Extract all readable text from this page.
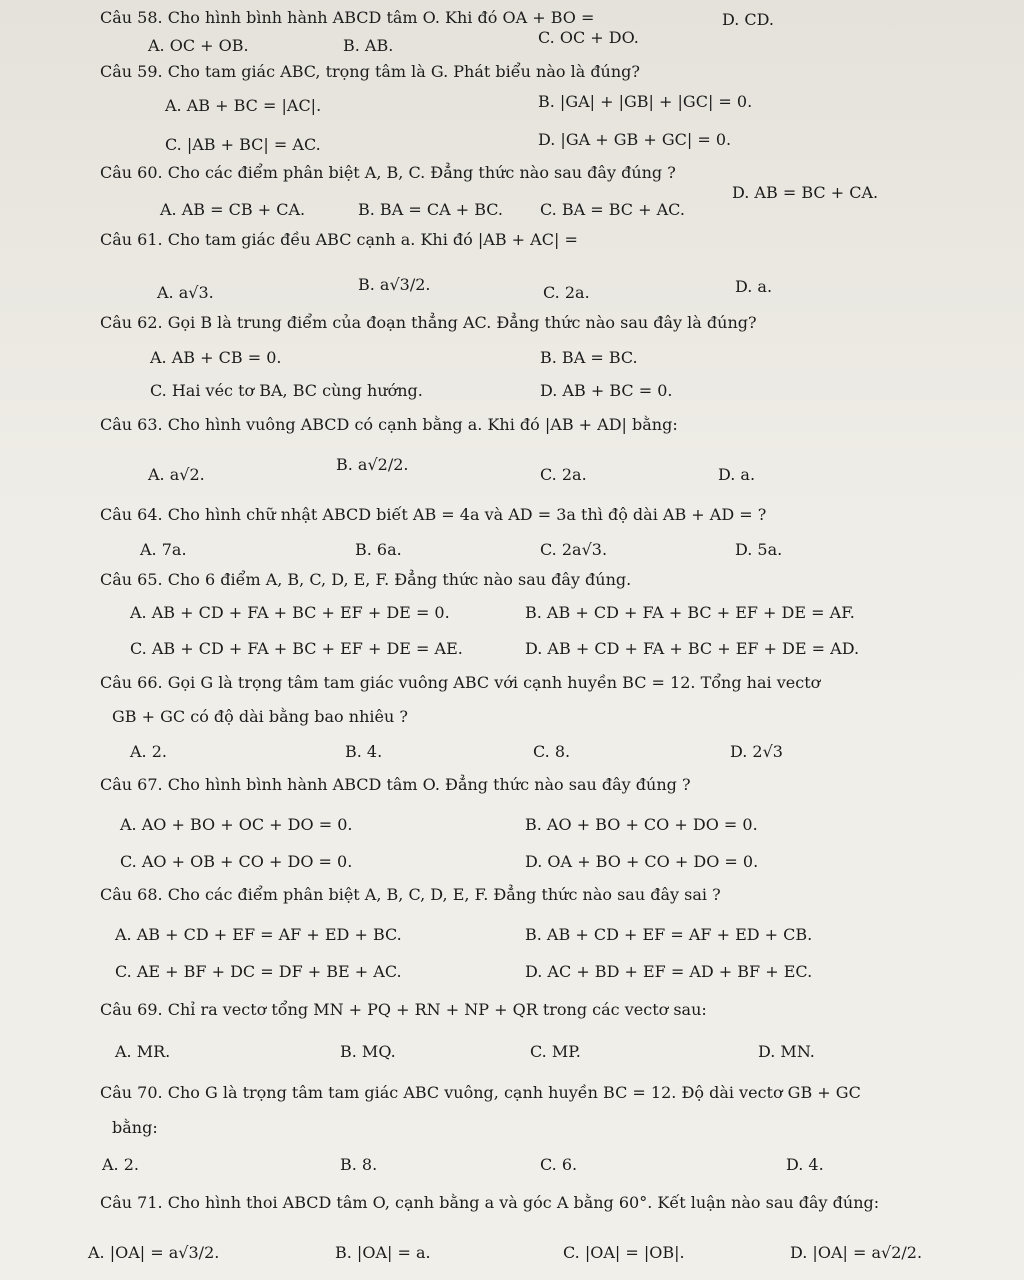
Câu 58. Cho hình bình hành ABCD tâm O. Khi đó OA + BO =
A. OC + OB.	B. AB.	C. OC + DO.
D. CD.
Câu 59. Cho tam giác ABC, trọng tâm là G. Phát biểu nào là đúng?
A. AB + BC = |AC|.	B. |GA| + |GB| + |GC| = 0.
C. |AB + BC| = AC.	D. |GA + GB + GC| = 0.
Câu 60. Cho các điểm phân biệt A, B, C. Đẳng thức nào sau đây đúng ?
A. AB = CB + CA.	B. BA = CA + BC. C. BA = BC + AC.
D. AB = BC + CA.
Câu 61. Cho tam giác đều ABC cạnh a. Khi đó |AB + AC| =
A. a√3.	B. a√3/2.	C. 2a.	D. a.
Câu 62. Gọi B là trung điểm của đoạn thẳng AC. Đẳng thức nào sau đây là đúng?
A. AB + CB = 0.	B. BA = BC.
C. Hai véc tơ BA, BC cùng hướng.	D. AB + BC = 0.
Câu 63. Cho hình vuông ABCD có cạnh bằng a. Khi đó |AB + AD| bằng:
A. a√2.
B. a√2/2.
C. 2a.	D. a.
Câu 64. Cho hình chữ nhật ABCD biết AB = 4a và AD = 3a thì độ dài AB + AD = ?
A. 7a.	B. 6a.	C. 2a√3.	D. 5a.
Câu 65. Cho 6 điểm A, B, C, D, E, F. Đẳng thức nào sau đây đúng.
A. AB + CD + FA + BC + EF + DE = 0.	B. AB + CD + FA + BC + EF + DE = AF.
C. AB + CD + FA + BC + EF + DE = AE.	D. AB + CD + FA + BC + EF + DE = AD.
Câu 66. Gọi G là trọng tâm tam giác vuông ABC với cạnh huyền BC = 12. Tổng hai vectơ
GB + GC có độ dài bằng bao nhiêu ?
A. 2.	B. 4.	C. 8.	D. 2√3
Câu 67. Cho hình bình hành ABCD tâm O. Đẳng thức nào sau đây đúng ?
A. AO + BO + OC + DO = 0.	B. AO + BO + CO + DO = 0.
C. AO + OB + CO + DO = 0.	D. OA + BO + CO + DO = 0.
Câu 68. Cho các điểm phân biệt A, B, C, D, E, F. Đẳng thức nào sau đây sai ?
A. AB + CD + EF = AF + ED + BC.	B. AB + CD + EF = AF + ED + CB.
C. AE + BF + DC = DF + BE + AC.	D. AC + BD + EF = AD + BF + EC.
Câu 69. Chỉ ra vectơ tổng MN + PQ + RN + NP + QR trong các vectơ sau:
A. MR.	B. MQ.	C. MP.	D. MN.
Câu 70. Cho G là trọng tâm tam giác ABC vuông, cạnh huyền BC = 12. Độ dài vectơ GB + GC
bằng:
A. 2.	B. 8.	C. 6.	D. 4.
Câu 71. Cho hình thoi ABCD tâm O, cạnh bằng a và góc A bằng 60°. Kết luận nào sau đây đúng:
A. |OA| = a√3/2.	B. |OA| = a.	C. |OA| = |OB|.	D. |OA| = a√2/2.
